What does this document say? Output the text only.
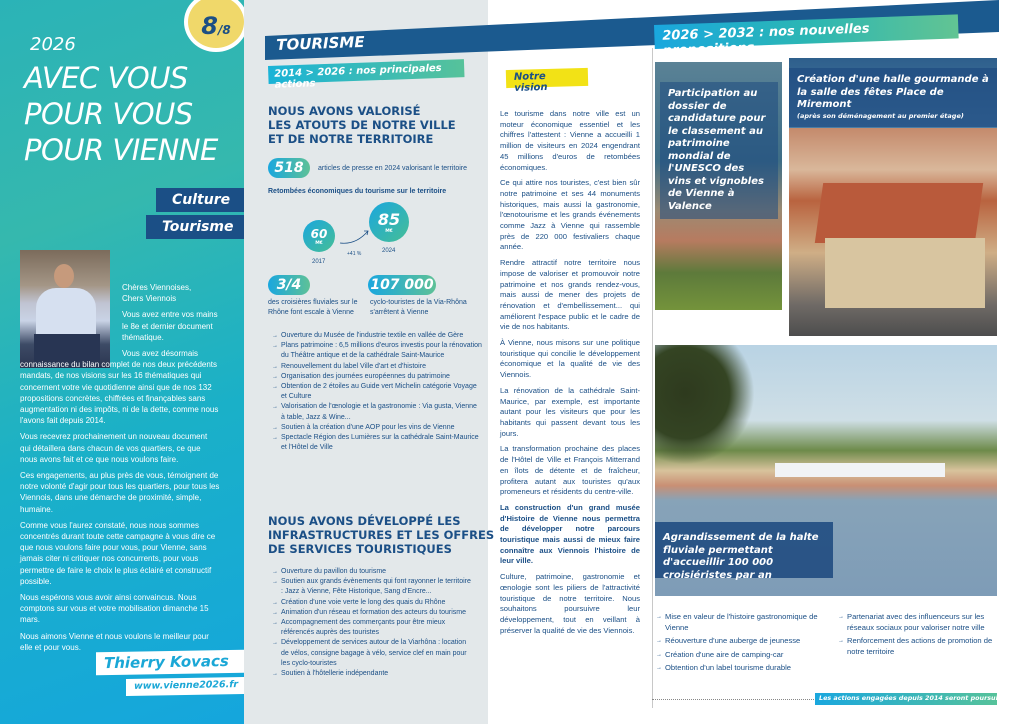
2026
AVEC VOUS
POUR VOUS
POUR VIENNE
Culture
Tourisme

Chères Viennoises,
Chers Viennois

Vous avez entre vos mains le 8e et dernier document thématique.

Vous avez désormais connaissance du bilan complet de nos deux précédents mandats, de nos visions sur les 16 thématiques qui concernent votre vie quotidienne ainsi que de nos 132 propositions concrètes, chiffrées et finançables sans augmentation ni des impôts, ni de la dette, comme nous l'avons fait depuis 2014.

Vous recevrez prochainement un nouveau document qui détaillera dans chacun de vos quartiers, ce que nous avons fait et ce que nous voulons faire.

Ces engagements, au plus près de vous, témoignent de notre volonté d'agir pour tous les quartiers, pour tous les Viennois, dans une démarche de proximité, simple, humaine.

Comme vous l'aurez constaté, nous nous sommes concentrés durant toute cette campagne à vous dire ce que nous voulons faire pour vous, pour Vienne, sans jamais citer ni critiquer nos concurrents, pour vous permettre de faire le choix le plus éclairé et constructif possible.

Nous espérons vous avoir ainsi convaincus. Nous comptons sur vous et votre mobilisation dimanche 15 mars.

Nous aimons Vienne et nous voulons le meilleur pour elle et pour vous.

Thierry Kovacs
www.vienne2026.fr
8 /8
TOURISME
2014 > 2026 : nos principales actions
NOUS AVONS VALORISÉ
LES ATOUTS DE NOTRE VILLE
ET DE NOTRE TERRITOIRE
518	articles de presse en 2024 valorisant le territoire
Retombées économiques du tourisme sur le territoire
60
M€
85
M€
2017
+41 %	2024
3/4
des croisières fluviales sur le Rhône font escale à Vienne
107 000
cyclo-touristes de la Via-Rhôna s'arrêtent à Vienne
→ Ouverture du Musée de l'industrie textile en vallée de Gère
→ Plans patrimoine : 6,5 millions d'euros investis pour la rénovation du Théâtre antique et de la cathédrale Saint-Maurice
→ Renouvellement du label Ville d'art et d'histoire
→ Organisation des journées européennes du patrimoine
→ Obtention de 2 étoiles au Guide vert Michelin catégorie Voyage et Culture
→ Valorisation de l'œnologie et la gastronomie : Via gusta, Vienne à table, Jazz & Wine...
→ Soutien à la création d'une AOP pour les vins de Vienne
→ Spectacle Région des Lumières sur la cathédrale Saint-Maurice et l'Hôtel de Ville
NOUS AVONS DÉVELOPPÉ LES
INFRASTRUCTURES ET LES OFFRES
DE SERVICES TOURISTIQUES
→ Ouverture du pavillon du tourisme
→ Soutien aux grands évènements qui font rayonner le territoire : Jazz à Vienne, Fête Historique, Sang d'Encre...
→ Création d'une voie verte le long des quais du Rhône
→ Animation d'un réseau et formation des acteurs du tourisme
→ Accompagnement des commerçants pour être mieux référencés auprès des touristes
→ Développement de services autour de la Viarhôna : location de vélos, consigne bagage à vélo, service clef en main pour les cyclo-touristes
→ Soutien à l'hôtellerie indépendante
Notre vision

Le tourisme dans notre ville est un moteur économique essentiel et les chiffres l'attestent : Vienne a accueilli 1 million de visiteurs en 2024 engendrant 45 millions d'euros de retombées économiques.

Ce qui attire nos touristes, c'est bien sûr notre patrimoine et ses 44 monuments historiques, mais aussi la gastronomie, l'œnotourisme et les grands événements comme Jazz à Vienne qui rassemble près de 220 000 festivaliers chaque année.

Rendre attractif notre territoire nous impose de valoriser et promouvoir notre patrimoine et nos grands rendez-vous, mais aussi de mener des projets de rénovation et d'embellissement... qui améliorent l'espace public et le cadre de vie de nos habitants.

À Vienne, nous misons sur une politique touristique qui concilie le développement économique et la qualité de vie des Viennois.

La rénovation de la cathédrale Saint-Maurice, par exemple, est importante autant pour les visiteurs que pour les habitants qui passent devant tous les jours.

La transformation prochaine des places de l'Hôtel de Ville et François Mitterrand en îlots de détente et de fraîcheur, profitera autant aux touristes qu'aux promeneurs et résidents du centre-ville.

La construction d'un grand musée d'Histoire de Vienne nous permettra de développer notre parcours touristique mais aussi de mieux faire connaître aux Viennois l'histoire de leur ville.

Culture, patrimoine, gastronomie et œnologie sont les piliers de l'attractivité touristique de notre territoire. Nous souhaitons poursuivre leur développement, tout en veillant à préserver la qualité de vie des Viennois.

Participation au dossier de candidature pour le classement au patrimoine mondial de l'UNESCO des vins et vignobles de Vienne à Valence
Création d'une halle gourmande à la salle des fêtes Place de Miremont
(après son déménagement au premier étage)
Agrandissement de la halte fluviale permettant d'accueillir 100 000 croisiéristes par an
2026 > 2032 : nos nouvelles propositions
→ Mise en valeur de l'histoire gastronomique de Vienne
→ Réouverture d'une auberge de jeunesse
→ Création d'une aire de camping-car
→ Obtention d'un label tourisme durable
→ Partenariat avec des influenceurs sur les réseaux sociaux pour valoriser notre ville
→ Renforcement des actions de promotion de notre territoire
Les actions engagées depuis 2014 seront poursuivies
